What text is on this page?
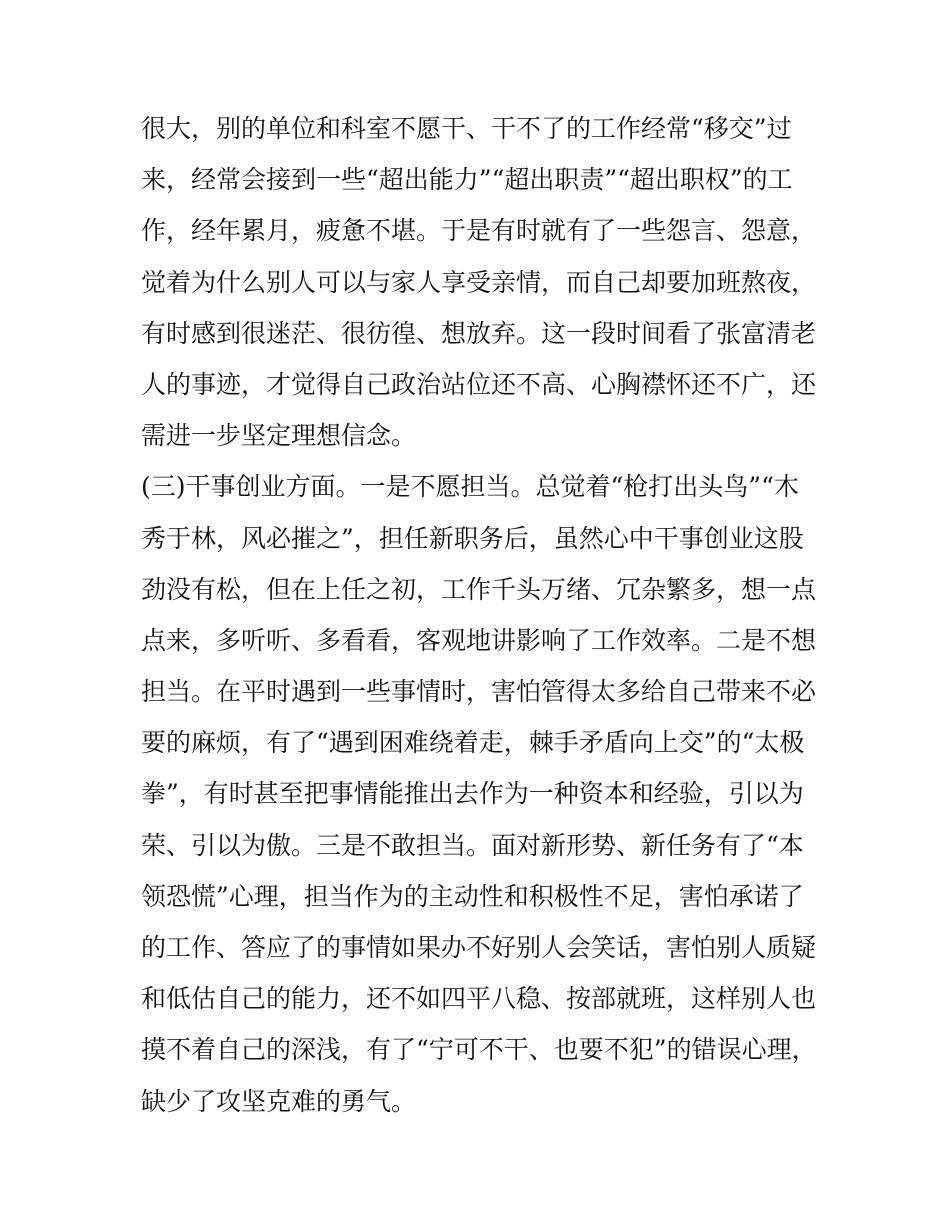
很大，别的单位和科室不愿干、干不了的工作经常“移交”过
来，经常会接到一些“超出能力”“超出职责”“超出职权”的工
作，经年累月，疲惫不堪。于是有时就有了一些怨言、怨意，
觉着为什么别人可以与家人享受亲情，而自己却要加班熬夜，
有时感到很迷茫、很彷徨、想放弃。这一段时间看了张富清老
人的事迹，才觉得自己政治站位还不高、心胸襟怀还不广，还
需进一步坚定理想信念。
(三)干事创业方面。一是不愿担当。总觉着“枪打出头鸟”“木
秀于林，风必摧之”，担任新职务后，虽然心中干事创业这股
劲没有松，但在上任之初，工作千头万绪、冗杂繁多，想一点
点来，多听听、多看看，客观地讲影响了工作效率。二是不想
担当。在平时遇到一些事情时，害怕管得太多给自己带来不必
要的麻烦，有了“遇到困难绕着走，棘手矛盾向上交”的“太极
拳”，有时甚至把事情能推出去作为一种资本和经验，引以为
荣、引以为傲。三是不敢担当。面对新形势、新任务有了“本
领恐慌”心理，担当作为的主动性和积极性不足，害怕承诺了
的工作、答应了的事情如果办不好别人会笑话，害怕别人质疑
和低估自己的能力，还不如四平八稳、按部就班，这样别人也
摸不着自己的深浅，有了“宁可不干、也要不犯”的错误心理，
缺少了攻坚克难的勇气。
